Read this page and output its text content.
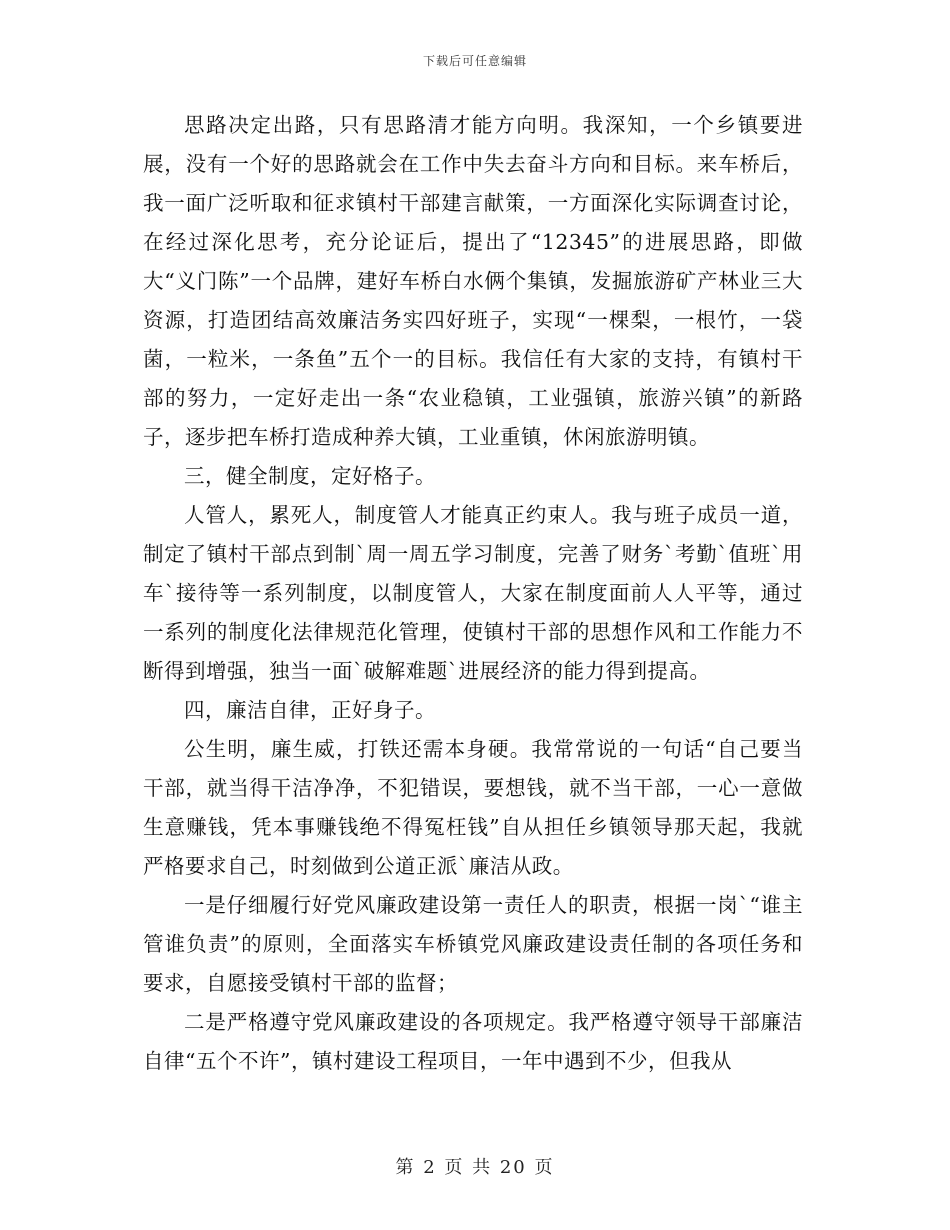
下载后可任意编辑

思路决定出路，只有思路清才能方向明。我深知，一个乡镇要进展，没有一个好的思路就会在工作中失去奋斗方向和目标。来车桥后，我一面广泛听取和征求镇村干部建言献策，一方面深化实际调查讨论，在经过深化思考，充分论证后，提出了“12345”的进展思路，即做大“义门陈”一个品牌，建好车桥白水俩个集镇，发掘旅游矿产林业三大资源，打造团结高效廉洁务实四好班子，实现“一棵梨，一根竹，一袋菌，一粒米，一条鱼”五个一的目标。我信任有大家的支持，有镇村干部的努力，一定好走出一条“农业稳镇，工业强镇，旅游兴镇”的新路子，逐步把车桥打造成种养大镇，工业重镇，休闲旅游明镇。

三，健全制度，定好格子。

人管人，累死人，制度管人才能真正约束人。我与班子成员一道，制定了镇村干部点到制`周一周五学习制度，完善了财务`考勤`值班`用车`接待等一系列制度，以制度管人，大家在制度面前人人平等，通过一系列的制度化法律规范化管理，使镇村干部的思想作风和工作能力不断得到增强，独当一面`破解难题`进展经济的能力得到提高。

四，廉洁自律，正好身子。

公生明，廉生威，打铁还需本身硬。我常常说的一句话“自己要当干部，就当得干洁净净，不犯错误，要想钱，就不当干部，一心一意做生意赚钱，凭本事赚钱绝不得冤枉钱”自从担任乡镇领导那天起，我就严格要求自己，时刻做到公道正派`廉洁从政。

一是仔细履行好党风廉政建设第一责任人的职责，根据一岗`“谁主管谁负责”的原则，全面落实车桥镇党风廉政建设责任制的各项任务和要求，自愿接受镇村干部的监督；

二是严格遵守党风廉政建设的各项规定。我严格遵守领导干部廉洁自律“五个不许”，镇村建设工程项目，一年中遇到不少，但我从

第 2 页 共 20 页
